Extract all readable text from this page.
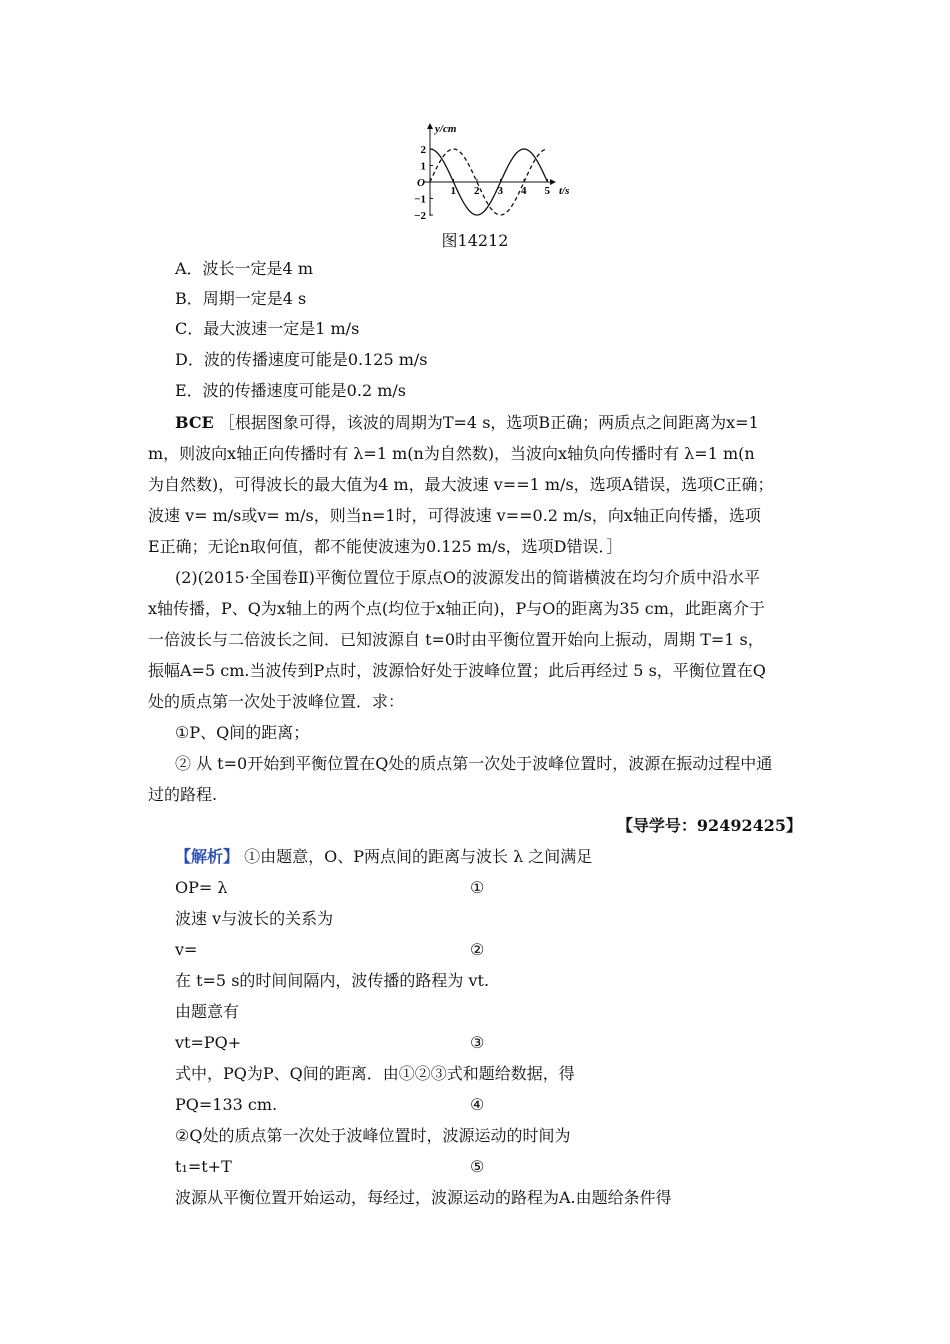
y/cm
t/s
O
2
1
−1
−2
1 2 3 4 5
图14212
A．波长一定是4 m
B．周期一定是4 s
C．最大波速一定是1 m/s
D．波的传播速度可能是0.125 m/s
E．波的传播速度可能是0.2 m/s
BCE ［根据图象可得，该波的周期为T=4 s，选项B正确；两质点之间距离为x=1
m，则波向x轴正向传播时有 λ=1 m(n为自然数)，当波向x轴负向传播时有 λ=1 m(n
为自然数)，可得波长的最大值为4 m，最大波速 v==1 m/s，选项A错误，选项C正确；
波速 v= m/s或v= m/s，则当n=1时，可得波速 v==0.2 m/s，向x轴正向传播，选项
E正确；无论n取何值，都不能使波速为0.125 m/s，选项D错误．］
(2)(2015·全国卷Ⅱ)平衡位置位于原点O的波源发出的简谐横波在均匀介质中沿水平
x轴传播，P、Q为x轴上的两个点(均位于x轴正向)，P与O的距离为35 cm，此距离介于
一倍波长与二倍波长之间．已知波源自 t=0时由平衡位置开始向上振动，周期 T=1 s，
振幅A=5 cm.当波传到P点时，波源恰好处于波峰位置；此后再经过 5 s，平衡位置在Q
处的质点第一次处于波峰位置．求：
①P、Q间的距离；
② 从 t=0开始到平衡位置在Q处的质点第一次处于波峰位置时，波源在振动过程中通
过的路程.
【导学号：92492425】
【解析】 ①由题意，O、P两点间的距离与波长 λ 之间满足
OP= λ	①
波速 v与波长的关系为
v=	②
在 t=5 s的时间间隔内，波传播的路程为 vt.
由题意有
vt=PQ+	③
式中，PQ为P、Q间的距离．由①②③式和题给数据，得
PQ=133 cm.	④
②Q处的质点第一次处于波峰位置时，波源运动的时间为
t₁=t+T	⑤
波源从平衡位置开始运动，每经过，波源运动的路程为A.由题给条件得
